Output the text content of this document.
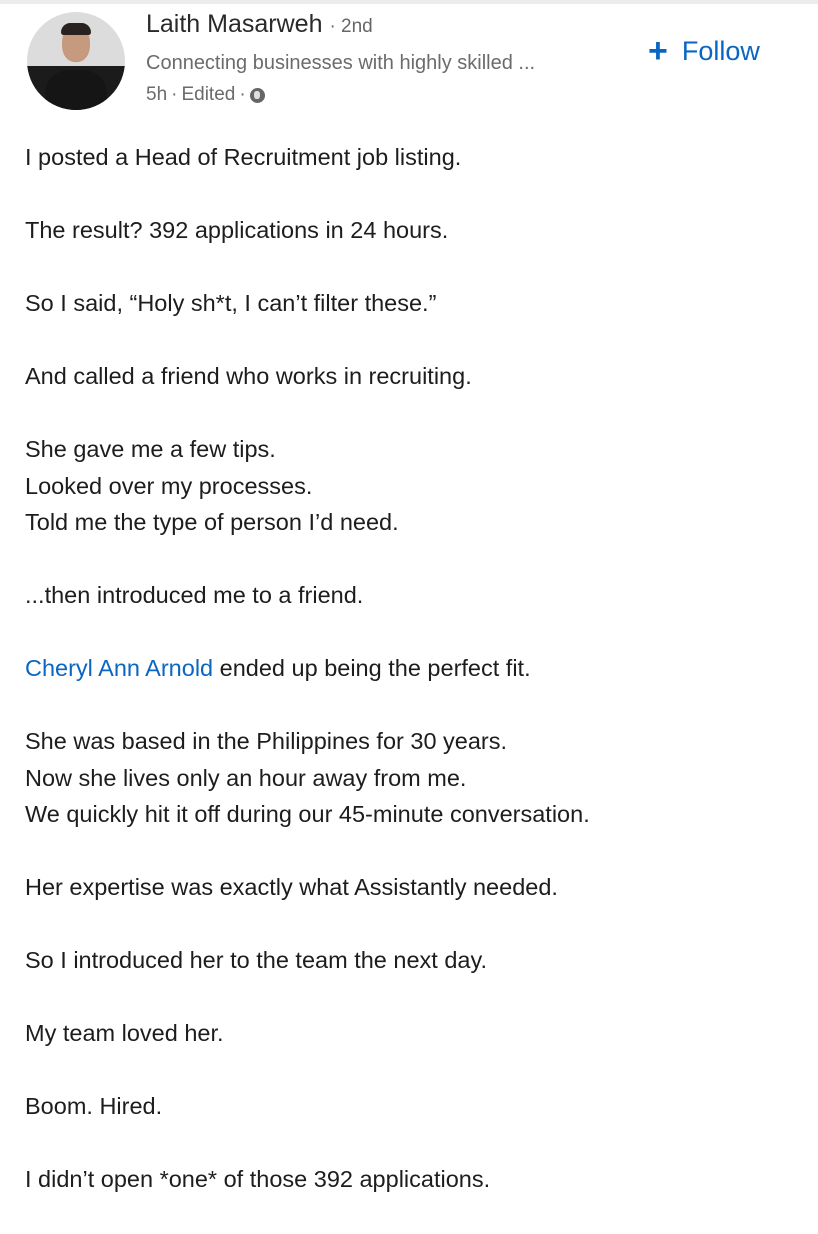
Laith Masarweh · 2nd
Connecting businesses with highly skilled ...
5h · Edited ·
+ Follow

I posted a Head of Recruitment job listing.

The result? 392 applications in 24 hours.

So I said, “Holy sh*t, I can’t filter these.”

And called a friend who works in recruiting.

She gave me a few tips.
Looked over my processes.
Told me the type of person I’d need.

...then introduced me to a friend.

Cheryl Ann Arnold ended up being the perfect fit.

She was based in the Philippines for 30 years.
Now she lives only an hour away from me.
We quickly hit it off during our 45-minute conversation.

Her expertise was exactly what Assistantly needed.

So I introduced her to the team the next day.

My team loved her.

Boom. Hired.

I didn’t open *one* of those 392 applications.
